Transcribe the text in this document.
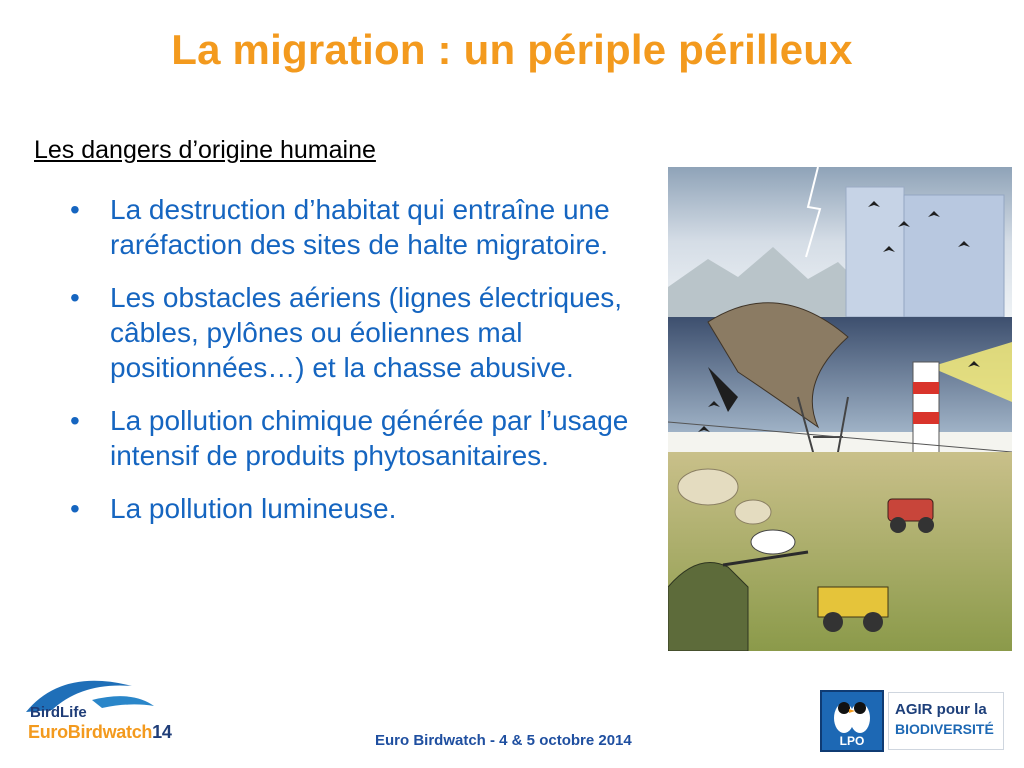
La migration : un périple périlleux
Les dangers d’origine humaine
• La destruction d’habitat qui entraîne une raréfaction des sites de halte migratoire.
• Les obstacles aériens (lignes électriques, câbles, pylônes ou éoliennes mal positionnées…) et la chasse abusive.
• La pollution chimique générée par l’usage intensif de produits phytosanitaires.
• La pollution lumineuse.
BirdLife
EuroBirdwatch14	Euro Birdwatch - 4 & 5 octobre 2014	LPO
AGIR pour la
BIODIVERSITÉ
